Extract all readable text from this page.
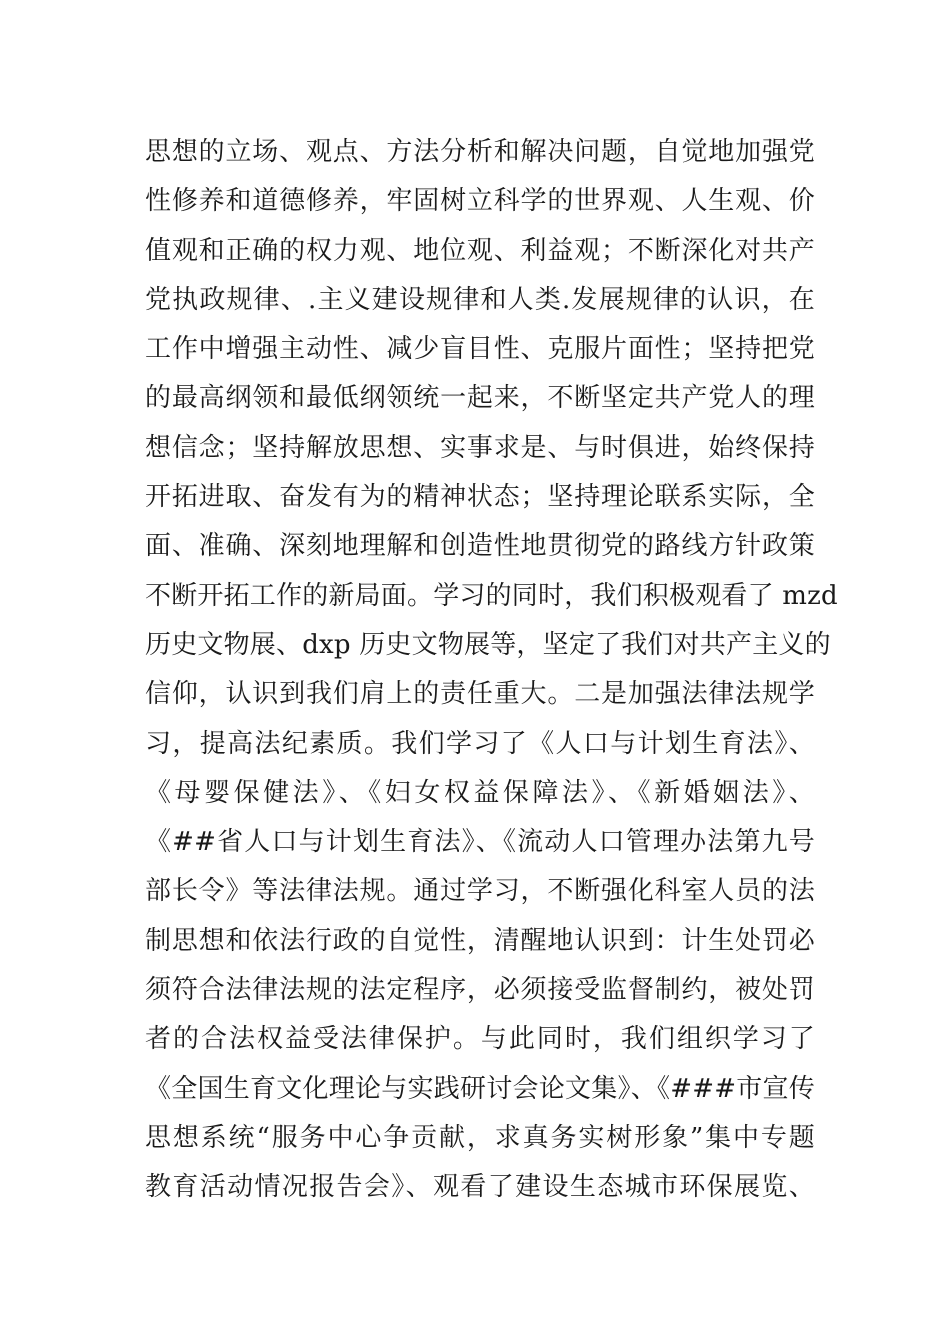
思想的立场、观点、方法分析和解决问题，自觉地加强党
性修养和道德修养，牢固树立科学的世界观、人生观、价
值观和正确的权力观、地位观、利益观；不断深化对共产
党执政规律、.主义建设规律和人类.发展规律的认识，在
工作中增强主动性、减少盲目性、克服片面性；坚持把党
的最高纲领和最低纲领统一起来，不断坚定共产党人的理
想信念；坚持解放思想、实事求是、与时俱进，始终保持
开拓进取、奋发有为的精神状态；坚持理论联系实际，全
面、准确、深刻地理解和创造性地贯彻党的路线方针政策
不断开拓工作的新局面。学习的同时，我们积极观看了 mzd
历史文物展、dxp 历史文物展等，坚定了我们对共产主义的
信仰，认识到我们肩上的责任重大。二是加强法律法规学
习，提高法纪素质。我们学习了《人口与计划生育法》、
《母婴保健法》、《妇女权益保障法》、《新婚姻法》、
《##省人口与计划生育法》、《流动人口管理办法第九号
部长令》等法律法规。通过学习，不断强化科室人员的法
制思想和依法行政的自觉性，清醒地认识到：计生处罚必
须符合法律法规的法定程序，必须接受监督制约，被处罚
者的合法权益受法律保护。与此同时，我们组织学习了
《全国生育文化理论与实践研讨会论文集》、《###市宣传
思想系统“服务中心争贡献，求真务实树形象”集中专题
教育活动情况报告会》、观看了建设生态城市环保展览、
